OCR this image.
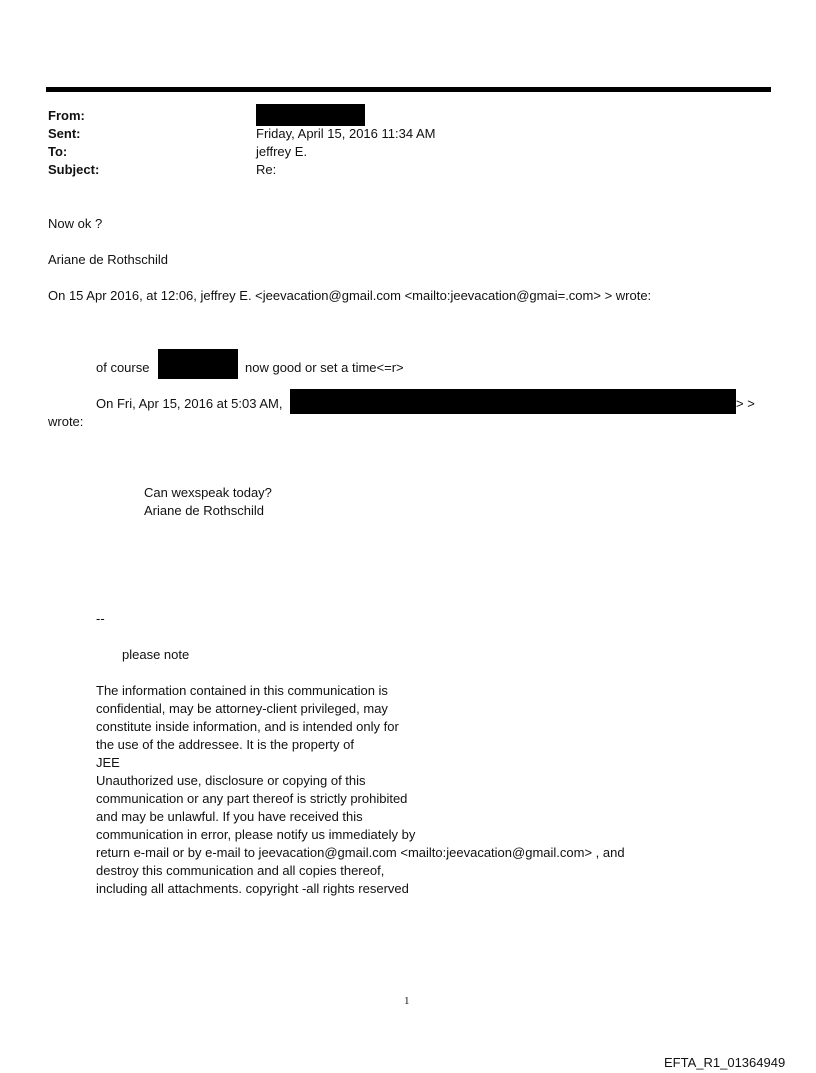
From:
Sent:
To:
Subject:
Friday, April 15, 2016 11:34 AM
jeffrey E.
Re:
Now ok ?
Ariane de Rothschild
On 15 Apr 2016, at 12:06, jeffrey E. <jeevacation@gmail.com <mailto:jeevacation@gmai=.com> > wrote:
of course	now good or set a time<=r>
On Fri, Apr 15, 2016 at 5:03 AM,	> >
wrote:
Can wexspeak today?
Ariane de Rothschild
--
please note
The information contained in this communication is
confidential, may be attorney-client privileged, may
constitute inside information, and is intended only for
the use of the addressee. It is the property of
JEE
Unauthorized use, disclosure or copying of this
communication or any part thereof is strictly prohibited
and may be unlawful. If you have received this
communication in error, please notify us immediately by
return e-mail or by e-mail to jeevacation@gmail.com <mailto:jeevacation@gmail.com> , and
destroy this communication and all copies thereof,
including all attachments. copyright -all rights reserved
1
EFTA_R1_01364949
